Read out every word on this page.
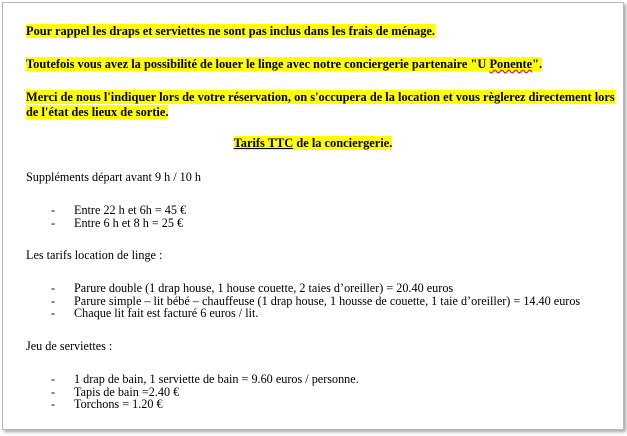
Pour rappel les draps et serviettes ne sont pas inclus dans les frais de ménage.

Toutefois vous avez la possibilité de louer le linge avec notre conciergerie partenaire "U Ponente".

Merci de nous l'indiquer lors de votre réservation, on s'occupera de la location et vous règlerez directement lors de l'état des lieux de sortie.

Tarifs TTC de la conciergerie.

Suppléments départ avant 9 h / 10 h

- Entre 22 h et 6h = 45 €
- Entre 6 h et 8 h = 25 €

Les tarifs location de linge :

- Parure double (1 drap house, 1 house couette, 2 taies d’oreiller) = 20.40 euros
- Parure simple – lit bébé – chauffeuse (1 drap house, 1 housse de couette, 1 taie d’oreiller) = 14.40 euros
- Chaque lit fait est facturé 6 euros / lit.

Jeu de serviettes :

- 1 drap de bain, 1 serviette de bain = 9.60 euros / personne.
- Tapis de bain =2.40 €
- Torchons = 1.20 €
